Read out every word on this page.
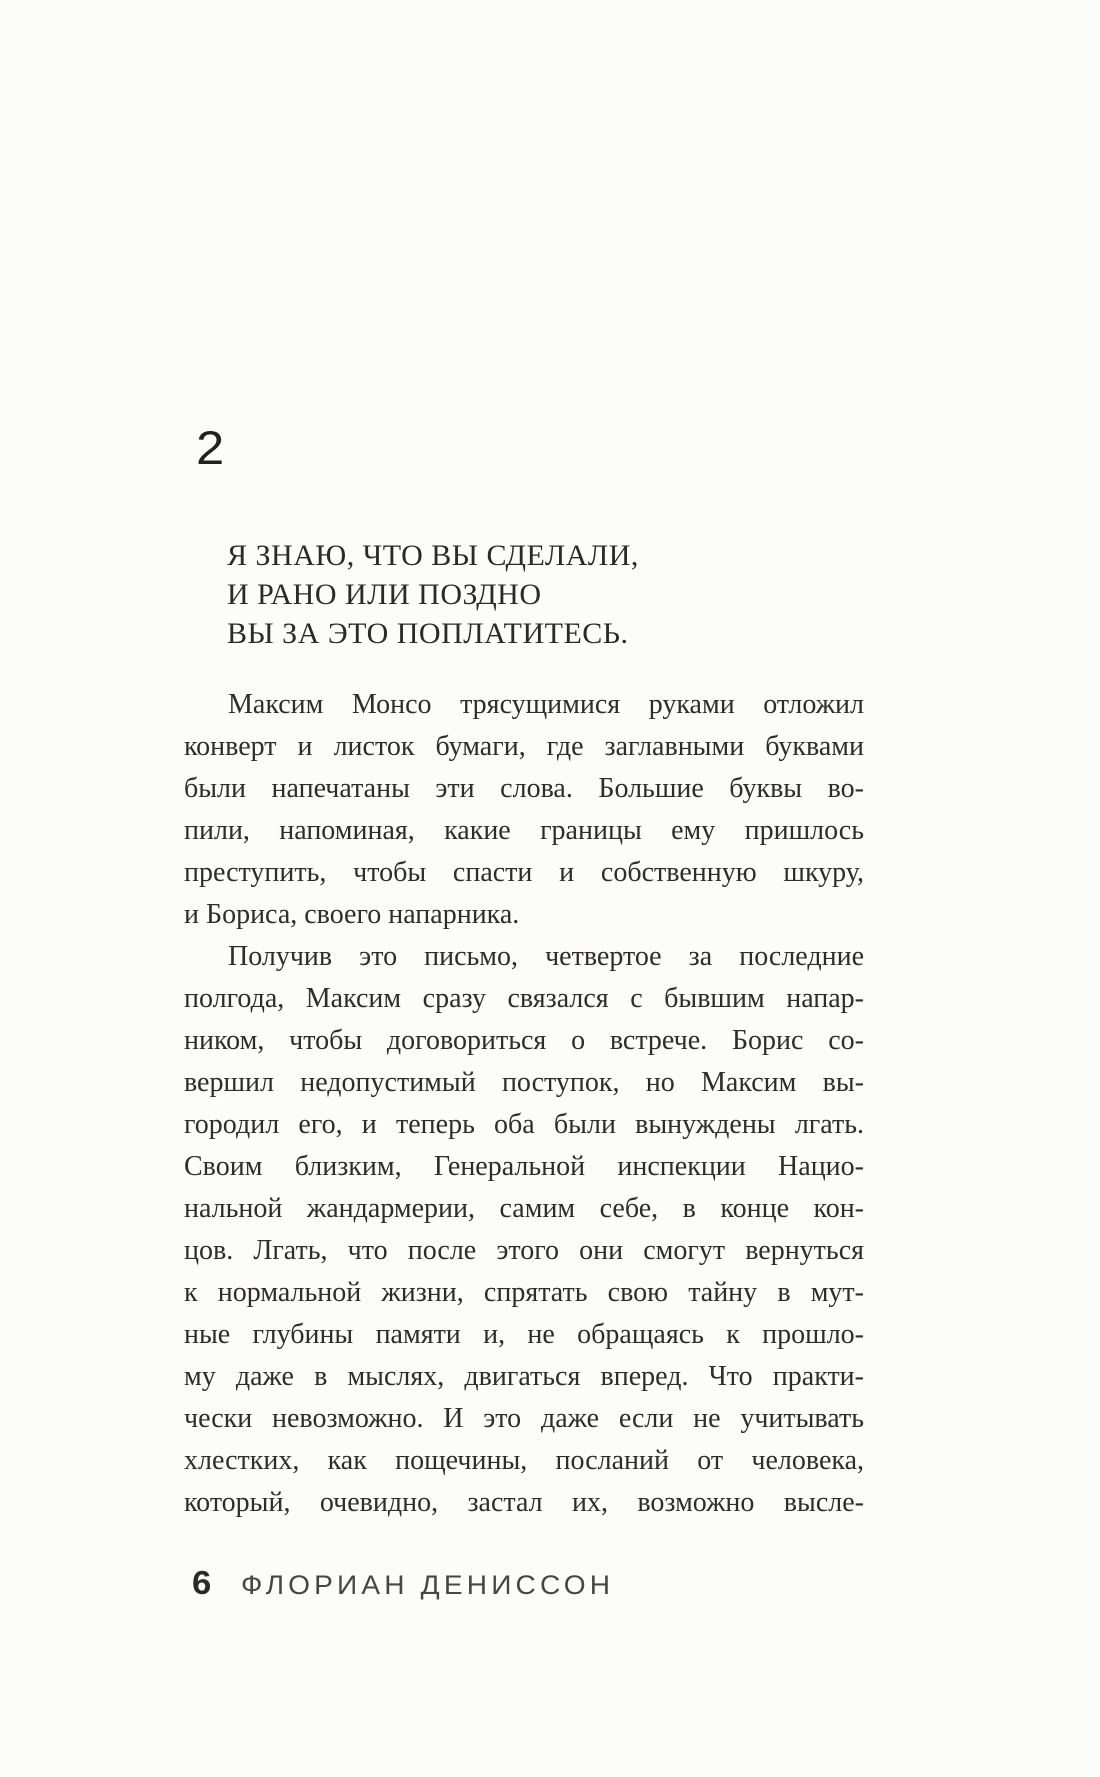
2
Я ЗНАЮ, ЧТО ВЫ СДЕЛАЛИ,
И РАНО ИЛИ ПОЗДНО
ВЫ ЗА ЭТО ПОПЛАТИТЕСЬ.
Максим Монсо трясущимися руками отложил
конверт и листок бумаги, где заглавными буквами
были напечатаны эти слова. Большие буквы во-
пили, напоминая, какие границы ему пришлось
преступить, чтобы спасти и собственную шкуру,
и Бориса, своего напарника.
Получив это письмо, четвертое за последние
полгода, Максим сразу связался с бывшим напар-
ником, чтобы договориться о встрече. Борис со-
вершил недопустимый поступок, но Максим вы-
городил его, и теперь оба были вынуждены лгать.
Своим близким, Генеральной инспекции Нацио-
нальной жандармерии, самим себе, в конце кон-
цов. Лгать, что после этого они смогут вернуться
к нормальной жизни, спрятать свою тайну в мут-
ные глубины памяти и, не обращаясь к прошло-
му даже в мыслях, двигаться вперед. Что практи-
чески невозможно. И это даже если не учитывать
хлестких, как пощечины, посланий от человека,
который, очевидно, застал их, возможно высле-
6 ФЛОРИАН ДЕНИССОН
